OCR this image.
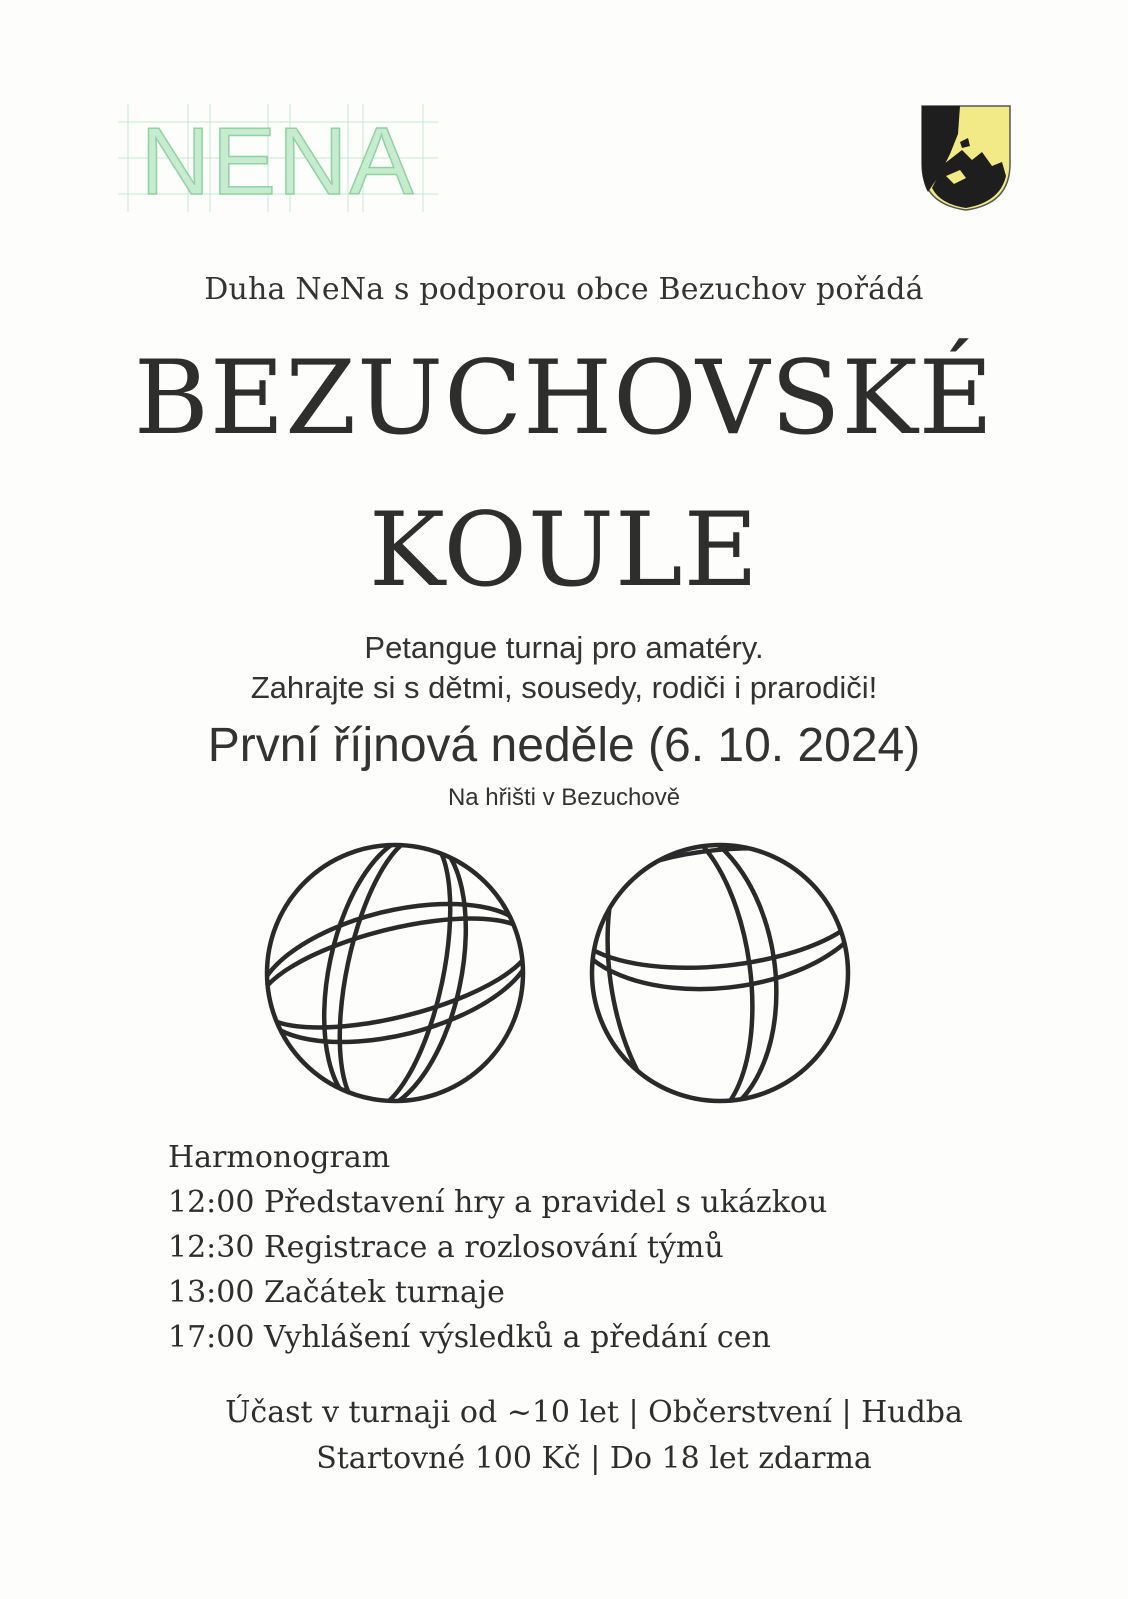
NENA
Duha NeNa s podporou obce Bezuchov pořádá
BEZUCHOVSKÉ
KOULE
Petangue turnaj pro amatéry.
Zahrajte si s dětmi, sousedy, rodiči i prarodiči!
První říjnová neděle (6. 10. 2024)
Na hřišti v Bezuchově
Harmonogram
12:00 Představení hry a pravidel s ukázkou
12:30 Registrace a rozlosování týmů
13:00 Začátek turnaje
17:00 Vyhlášení výsledků a předání cen
Účast v turnaji od ~10 let | Občerstvení | Hudba
Startovné 100 Kč | Do 18 let zdarma
